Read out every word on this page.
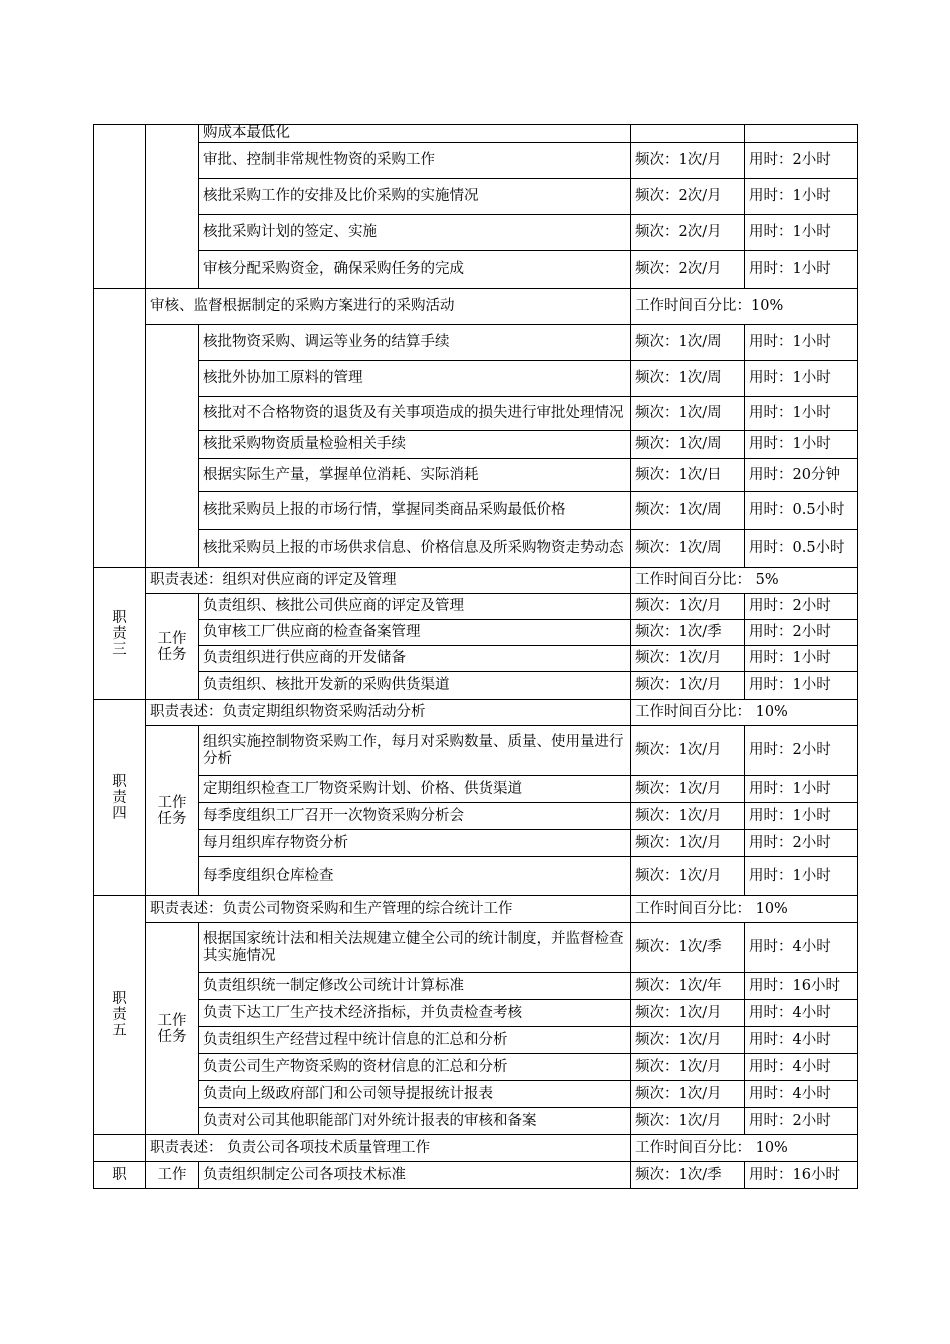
	购成本最低化		
		审批、控制非常规性物资的采购工作	频次：1次/月	用时：2小时
		核批采购工作的安排及比价采购的实施情况	频次：2次/月	用时：1小时
		核批采购计划的签定、实施	频次：2次/月	用时：1小时
		审核分配采购资金，确保采购任务的完成	频次：2次/月	用时：1小时

	审核、监督根据制定的采购方案进行的采购活动		工作时间百分比：10%	

		核批物资采购、调运等业务的结算手续	频次：1次/周	用时：1小时
		核批外协加工原料的管理	频次：1次/周	用时：1小时
		核批对不合格物资的退货及有关事项造成的损失进行审批处理情况	频次：1次/周	用时：1小时
		核批采购物资质量检验相关手续	频次：1次/周	用时：1小时
		根据实际生产量，掌握单位消耗、实际消耗	频次：1次/日	用时：20分钟
		核批采购员上报的市场行情，掌握同类商品采购最低价格	频次：1次/周	用时：0.5小时
		核批采购员上报的市场供求信息、价格信息及所采购物资走势动态	频次：1次/周	用时：0.5小时

职责三	职责表述：组织对供应商的评定及管理		工作时间百分比： 5%	

	工作任务	负责组织、核批公司供应商的评定及管理	频次：1次/月	用时：2小时
		负审核工厂供应商的检查备案管理	频次：1次/季	用时：2小时
		负责组织进行供应商的开发储备	频次：1次/月	用时：1小时
		负责组织、核批开发新的采购供货渠道	频次：1次/月	用时：1小时

职责四	职责表述：负责定期组织物资采购活动分析		工作时间百分比： 10%	

	工作任务	组织实施控制物资采购工作，每月对采购数量、质量、使用量进行分析	频次：1次/月	用时：2小时
		定期组织检查工厂物资采购计划、价格、供货渠道	频次：1次/月	用时：1小时
		每季度组织工厂召开一次物资采购分析会	频次：1次/月	用时：1小时
		每月组织库存物资分析	频次：1次/月	用时：2小时
		每季度组织仓库检查	频次：1次/月	用时：1小时

职责五	职责表述：负责公司物资采购和生产管理的综合统计工作		工作时间百分比： 10%	

	工作任务	根据国家统计法和相关法规建立健全公司的统计制度，并监督检查其实施情况	频次：1次/季	用时：4小时
		负责组织统一制定修改公司统计计算标准	频次：1次/年	用时：16小时
		负责下达工厂生产技术经济指标，并负责检查考核	频次：1次/月	用时：4小时
		负责组织生产经营过程中统计信息的汇总和分析	频次：1次/月	用时：4小时
		负责公司生产物资采购的资材信息的汇总和分析	频次：1次/月	用时：4小时
		负责向上级政府部门和公司领导提报统计报表	频次：1次/月	用时：4小时
		负责对公司其他职能部门对外统计报表的审核和备案	频次：1次/月	用时：2小时

	职责表述： 负责公司各项技术质量管理工作		工作时间百分比： 10%	

职	工作	负责组织制定公司各项技术标准	频次：1次/季	用时：16小时
